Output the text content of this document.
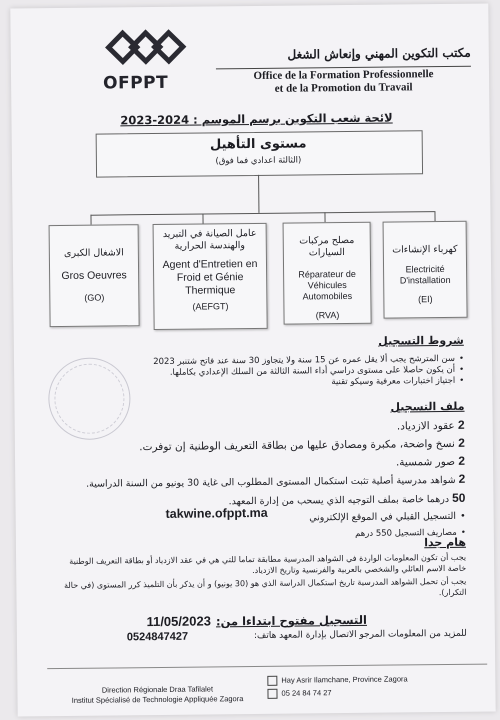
OFPPT
مكتب التكوين المهني وإنعاش الشغل
Office de la Formation Professionnelle
et de la Promotion du Travail
لائحة شعب التكوين برسم الموسم : 2024-2023
مستوى التأهيل
(الثالثة اعدادي فما فوق)
كهرباء الإنشاءات
Electricité D'installation
(EI)
مصلح مركبات السيارات
Réparateur de Véhicules Automobiles
(RVA)
عامل الصيانة في التبريد والهندسة الحرارية
Agent d'Entretien en Froid et Génie Thermique
(AEFGT)
الاشغال الكبرى
Gros Oeuvres
(GO)
شروط التسجيل
• سن المترشح يجب ألا يقل عمره عن 15 سنة ولا يتجاوز 30 سنة عند فاتح شتنبر 2023
• أن يكون حاصلا على مستوى دراسي أداء السنة الثالثة من السلك الإعدادي بكاملها.
• اجتياز اختبارات معرفية وسيكو تقنية
ملف التسجيل
2 عقود الازدياد.
2 نسخ واضحة، مكبرة ومصادق عليها من بطاقة التعريف الوطنية إن توفرت.
2 صور شمسية.
2 شواهد مدرسية أصلية تثبت استكمال المستوى المطلوب الى غاية 30 يونيو من السنة الدراسية.
50 درهما خاصة بملف التوجيه الذي يسحب من إدارة المعهد.
• التسجيل القبلي في الموقع الإلكتروني
takwine.ofppt.ma
• مصاريف التسجيل 550 درهم
هام جدا
يجب أن تكون المعلومات الواردة في الشواهد المدرسية مطابقة تماما للتي هي في عقد الازدياد أو بطاقة التعريف الوطنية خاصة الاسم العائلي والشخصي بالعربية والفرنسية وتاريخ الازدياد.
يجب أن تحمل الشواهد المدرسية تاريخ استكمال الدراسة الذي هو (30 يونيو) و أن يذكر بأن التلميذ كرر المستوى (في حالة التكرار).
11/05/2023 التسجيل مفتوح ابتداءا من:
0524847427	للمزيد من المعلومات المرجو الاتصال بإدارة المعهد هاتف:
Direction Régionale Draa Tafilalet
Institut Spécialisé de Technologie Appliquée Zagora
Hay Asrir Ilamchane, Province Zagora
05 24 84 74 27
